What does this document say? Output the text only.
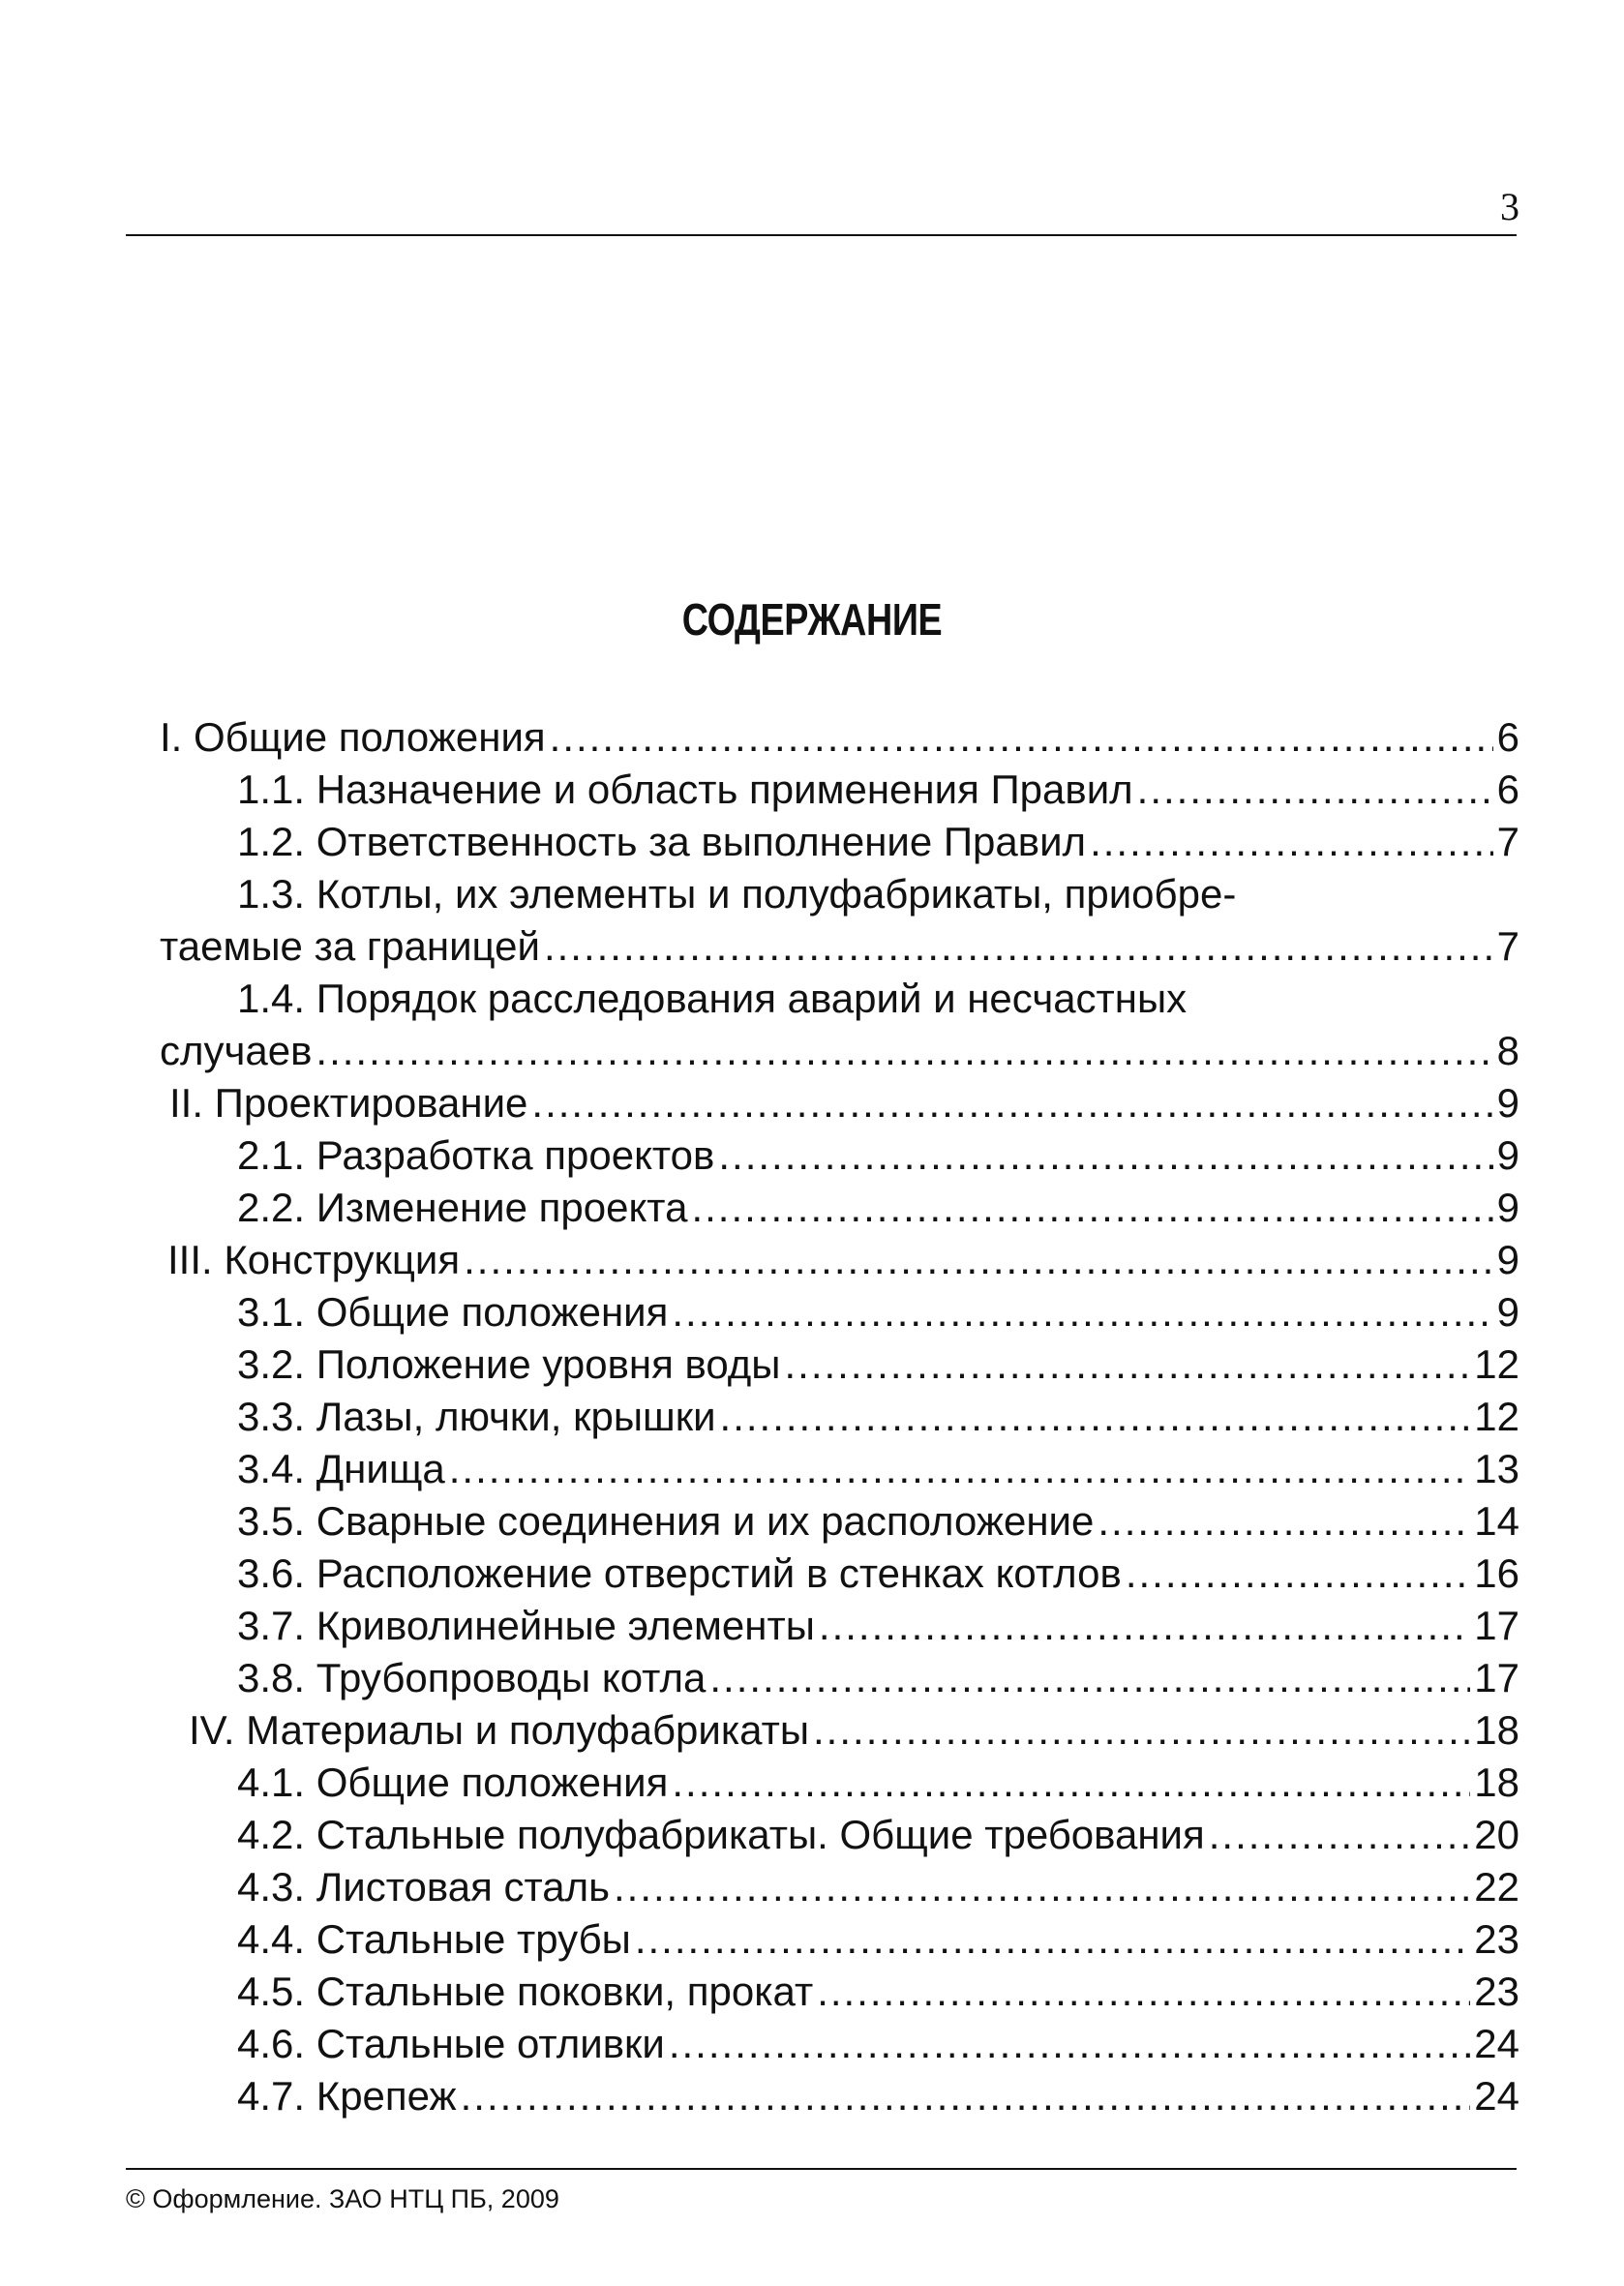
3
СОДЕРЖАНИЕ
I. Общие положения .....	6
1.1. Назначение и область применения Правил .....	6
1.2. Ответственность за выполнение Правил .....	7
1.3. Котлы, их элементы и полуфабрикаты, приобре-
таемые за границей .....	7
1.4. Порядок расследования аварий и несчастных
случаев .....	8
II. Проектирование .....	9
2.1. Разработка проектов .....	9
2.2. Изменение проекта .....	9
III. Конструкция .....	9
3.1. Общие положения .....	9
3.2. Положение уровня воды .....	12
3.3. Лазы, лючки, крышки .....	12
3.4. Днища .....	13
3.5. Сварные соединения и их расположение .....	14
3.6. Расположение отверстий в стенках котлов .....	16
3.7. Криволинейные элементы .....	17
3.8. Трубопроводы котла .....	17
IV. Материалы и полуфабрикаты .....	18
4.1. Общие положения .....	18
4.2. Стальные полуфабрикаты. Общие требования .....	20
4.3. Листовая сталь .....	22
4.4. Стальные трубы .....	23
4.5. Стальные поковки, прокат .....	23
4.6. Стальные отливки .....	24
4.7. Крепеж .....	24
© Оформление. ЗАО НТЦ ПБ, 2009
